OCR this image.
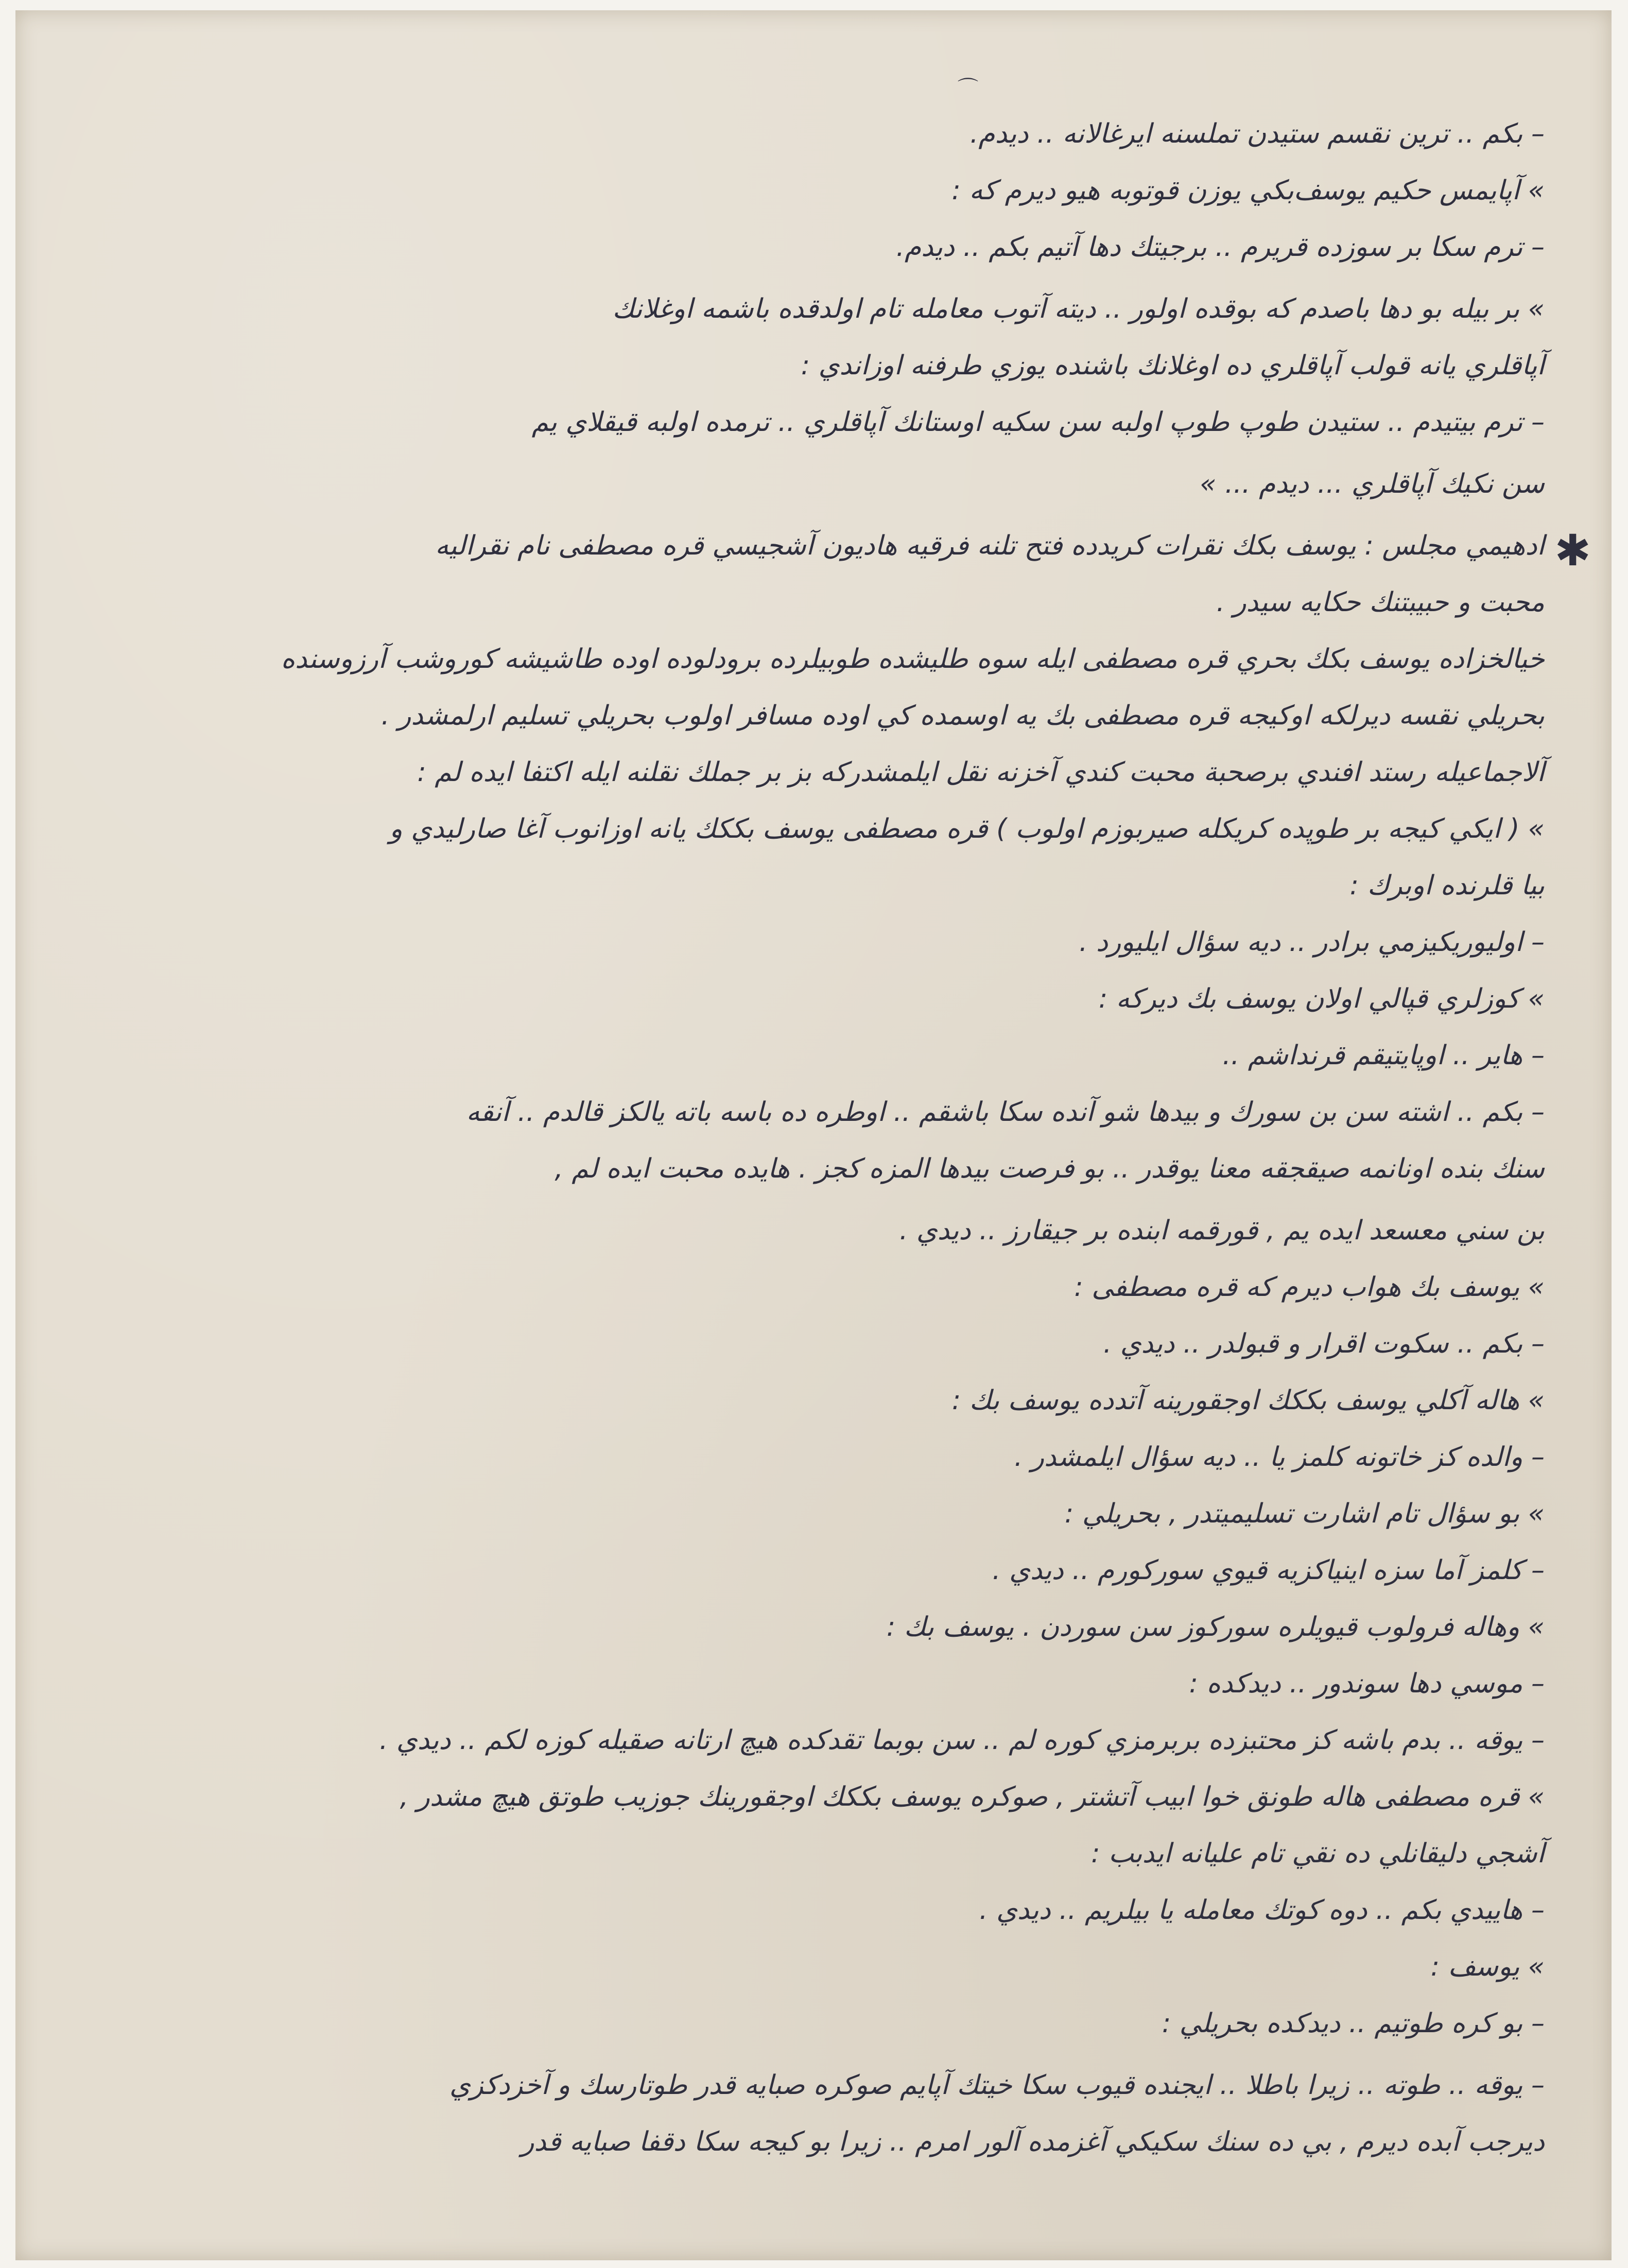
⌒
✱
– بكم .. ترين نقسم ستيدن تملسنه ايرغالانه .. ديدم.
» آپايمس حكيم يوسف‌بكي يوزن قوتوبه هيو ديرم كه :
– ترم سكا بر سوزده قريرم .. برجيتك دها آتيم بكم .. ديدم.
» بر بيله بو دها باصدم كه بوقده اولور .. ديته آتوب معامله تام اولدقده باشمه اوغلانك
آپاقلري يانه قولب آپاقلري ده اوغلانك باشنده يوزي طرفنه اوزاندي :
– ترم بيتيدم .. ستيدن طوپ طوپ اولبه سن سكيه اوستانك آپاقلري .. ترمده اولبه قيقلاي يم
سن نكيك آپاقلري ... ديدم ... »
ادهيمي مجلس : يوسف بكك نقرات كريدده فتح تلنه فرقيه هاديون آشجيسي قره مصطفى نام نقراليه
محبت و حبيبتنك حكايه سيدر .
خيالخزاده يوسف بكك بحري قره مصطفى ايله سوه طليشده طوبيلرده برودلوده اوده طاشيشه كوروشب آرزوسنده
بحريلي نقسه ديرلكه اوكيجه قره مصطفى بك يه اوسمده كي اوده مسافر اولوب بحريلي تسليم ارلمشدر .
آلاجماعيله رستد افندي برصحبة محبت كندي آخزنه نقل ايلمشدركه بز بر جملك نقلنه ايله اكتفا ايده لم :
» ( ايكي كيجه بر طوپده كريكله صيربوزم اولوب ) قره مصطفى يوسف بككك يانه اوزانوب آغا صارليدي و
بيا قلرنده اوبرك :
– اوليوريكيزمي برادر .. ديه سؤال ايليورد .
» كوزلري قپالي اولان يوسف بك ديركه :
– هاير .. اوپايتيقم قرنداشم ..
– بكم .. اشته سن بن سورك و بيدها شو آنده سكا باشقم .. اوطره ده باسه باته يالكز قالدم .. آنقه
سنك بنده اونانمه صيقجقه معنا يوقدر .. بو فرصت بيدها المزه كجز . هايده محبت ايده لم ,
بن سني معسعد ايده يم , قورقمه ابنده بر جيقارز .. ديدي .
» يوسف بك هواب ديرم كه قره مصطفى :
– بكم .. سكوت اقرار و قبولدر .. ديدي .
» هاله آكلي يوسف بككك اوجقورينه آتدده يوسف بك :
– والده كز خاتونه كلمز يا .. ديه سؤال ايلمشدر .
» بو سؤال تام اشارت تسليميتدر , بحريلي :
– كلمز آما سزه اينياكزيه قيوي سوركورم .. ديدي .
» وهاله فرولوب قيويلره سوركوز سن سوردن . يوسف بك :
– موسي دها سوندور .. ديدكده :
– يوقه .. بدم باشه كز محتبزده بربرمزي كوره لم .. سن بوبما تقدكده هيچ ارتانه صقيله كوزه لكم .. ديدي .
» قره مصطفى هاله طونق خوا ابيب آتشتر , صوكره يوسف بككك اوجقورينك جوزيب طوتق هيچ مشدر ,
آشجي دليقانلي ده نقي تام عليانه ايدبب :
– هاييدي بكم .. دوه كوتك معامله يا بيلريم .. ديدي .
» يوسف :
– بو كره طوتيم .. ديدكده بحريلي :
– يوقه .. طوته .. زيرا باطلا .. ايجنده قيوب سكا خيتك آپايم صوكره صبايه قدر طوتارسك و آخزدكزي
ديرجب آبده ديرم , بي ده سنك سكيكي آغزمده آلور امرم .. زيرا بو كيجه سكا دقفا صبايه قدر
